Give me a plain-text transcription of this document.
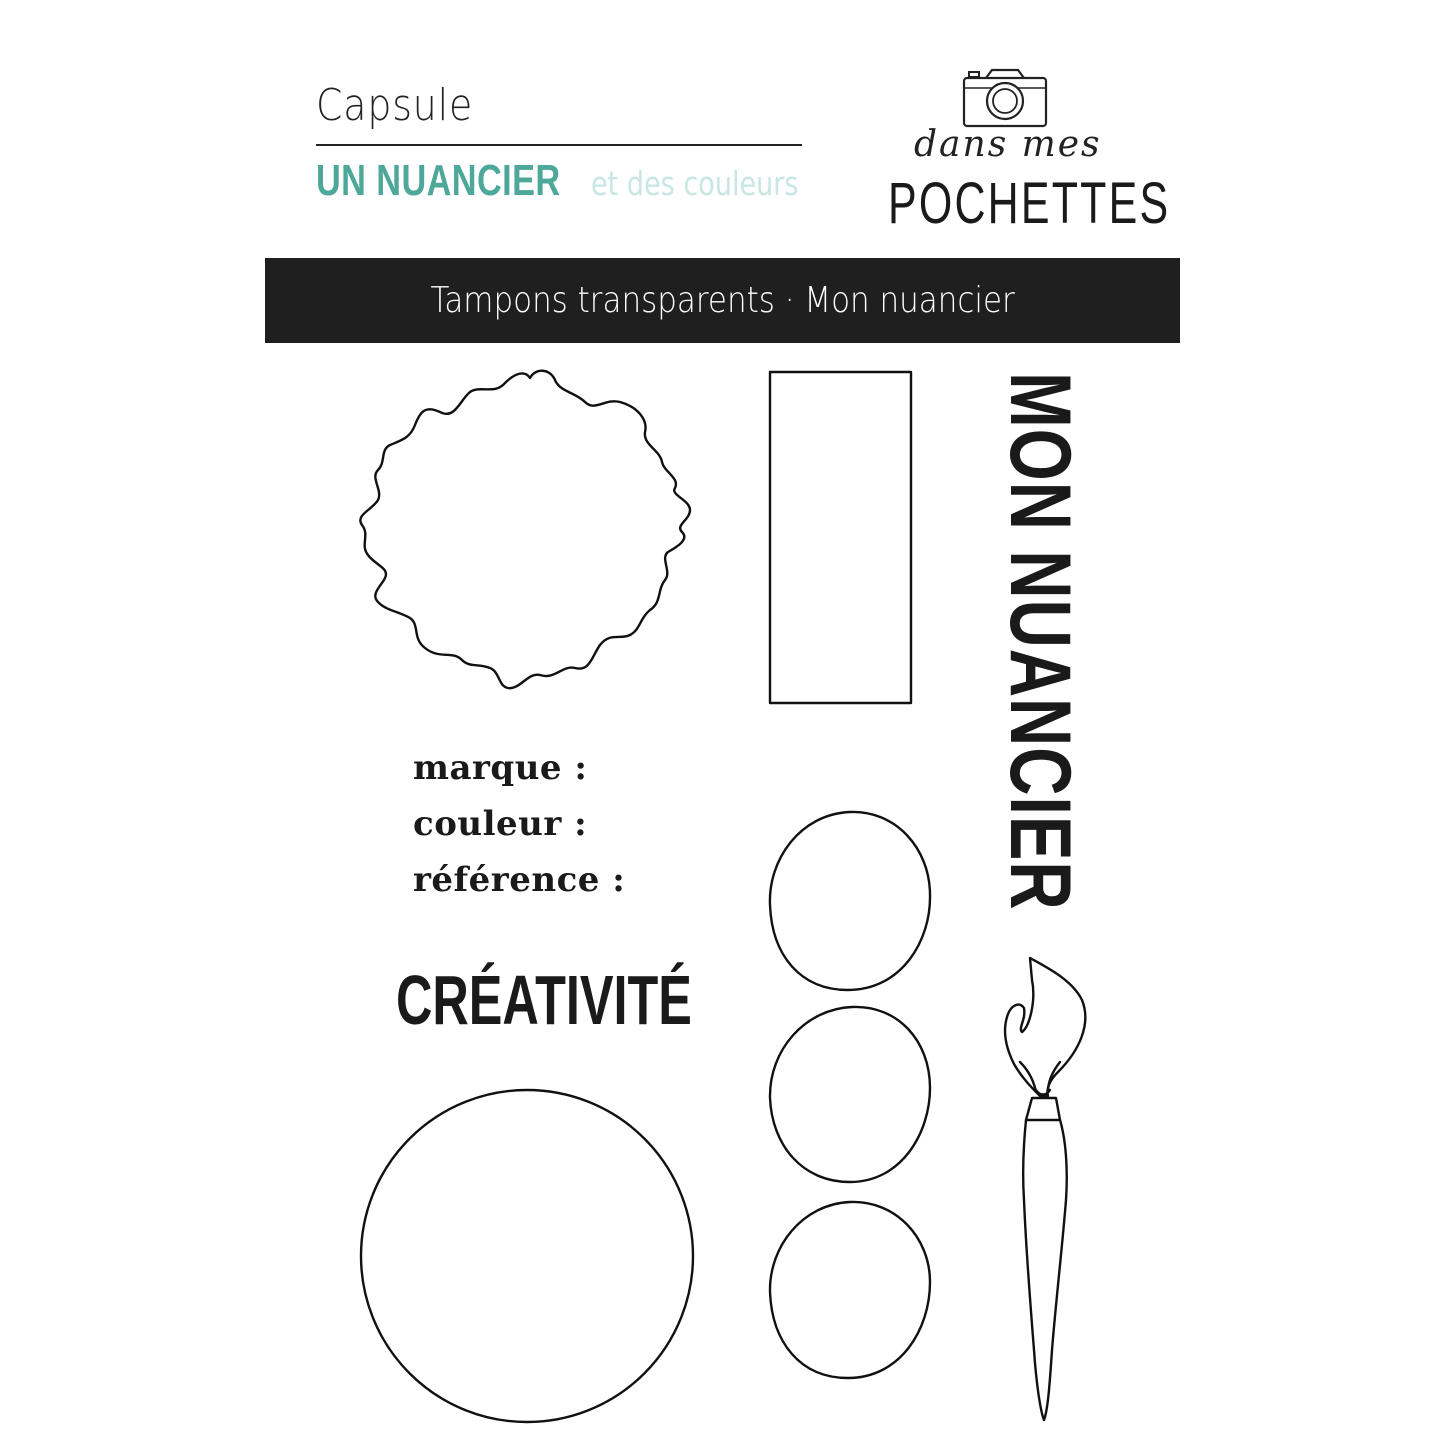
Capsule
UN NUANCIER et des couleurs
dans mes
POCHETTES
Tampons transparents · Mon nuancier
MON NUANCIER
marque :
couleur :
référence :
CRÉATIVITÉ
